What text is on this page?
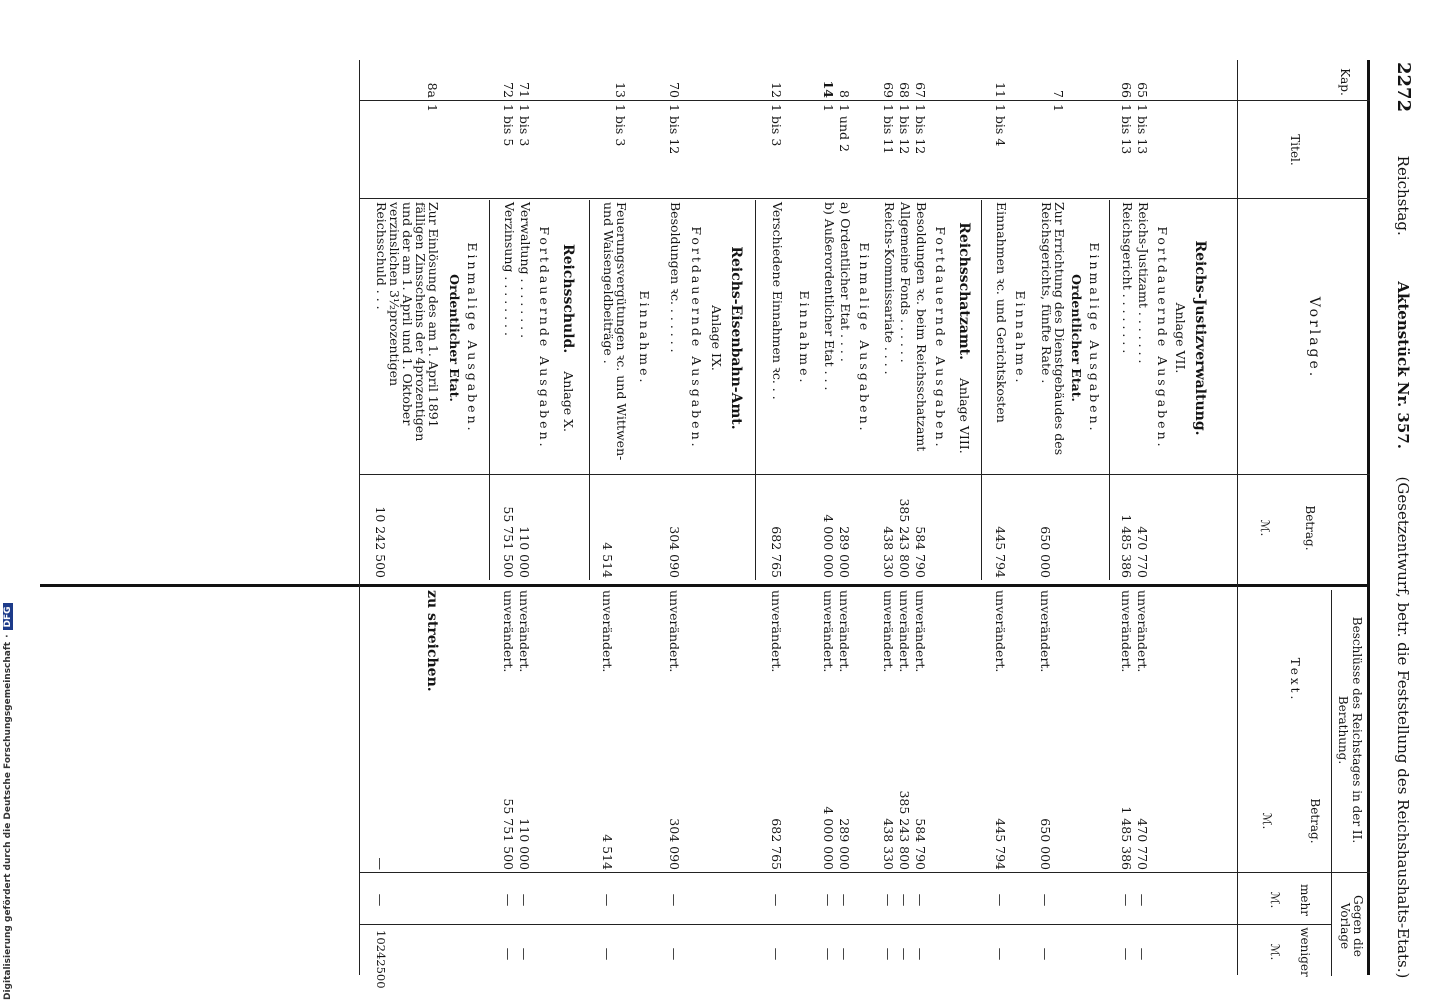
2272  Reichstag.  Aktenstück Nr. 357.  (Gesetzentwurf, betr. die Feststellung des Reichshaushalts-Etats.)
Kap.
Titel.
Vorlage.
Betrag.
ℳ.
Beschlüsse des Reichstages in der II. Berathung.
Text.
Betrag.
ℳ.
Gegen die Vorlage
mehr
weniger
ℳ.
ℳ.
Reichs-Justizverwaltung.
Anlage VII.
Fortdauernde Ausgaben.
65
1 bis 13
Reichs-Justizamt . . . . . . .
470 770
unverändert.
470 770
—
—
66
1 bis 13
Reichsgericht . . . . . . . .
1 485 386
unverändert.
1 485 386
—
—
Einmalige Ausgaben.
Ordentlicher Etat.
7
1
Zur Errichtung des Dienstgebäudes des Reichsgerichts, fünfte Rate .
650 000
unverändert.
650 000
—
—
Einnahme.
11
1 bis 4
Einnahmen ꝛc. und Gerichtskosten
445 794
unverändert.
445 794
—
—
Reichsschatzamt.  Anlage VIII.
Fortdauernde Ausgaben.
67
1 bis 12
Besoldungen ꝛc. beim Reichsschatzamt
584 790
unverändert.
584 790
—
—
68
1 bis 12
Allgemeine Fonds . . . . . .
385 243 800
unverändert.
385 243 800
—
—
69
1 bis 11
Reichs-Kommissariate . . . .
438 330
unverändert.
438 330
—
—
Einmalige Ausgaben.
8
1 und 2
a) Ordentlicher Etat . . . .
289 000
unverändert.
289 000
—
—
14
1
b) Außerordentlicher Etat . . .
4 000 000
unverändert.
4 000 000
—
—
Einnahme.
12
1 bis 3
Verschiedene Einnahmen ꝛc. . .
682 765
unverändert.
682 765
—
—
Reichs-Eisenbahn-Amt.
Anlage IX.
Fortdauernde Ausgaben.
70
1 bis 12
Besoldungen ꝛc. . . . . . .
304 090
unverändert.
304 090
—
—
Einnahme.
13
1 bis 3
Feuerungsvergütungen ꝛc. und Wittwen- und Waisengeldbeiträge .
4 514
unverändert.
4 514
—
—
Reichsschuld.  Anlage X.
Fortdauernde Ausgaben.
71
1 bis 3
Verwaltung . . . . . . . .
110 000
unverändert.
110 000
—
—
72
1 bis 5
Verzinsung . . . . . . . .
55 751 500
unverändert.
55 751 500
—
—
Einmalige Ausgaben.
Ordentlicher Etat.
8a
1
Zur Einlösung des am 1. April 1891 fälligen Zinsscheins der 4prozentigen und der am 1. April und 1. Oktober verzinslichen 3½prozentigen Reichsschuld . . .
10 242 500
zu streichen.
—
—
10242500
Digitalisierung gefördert durch die Deutsche Forschungsgemeinschaft
·
DFG
